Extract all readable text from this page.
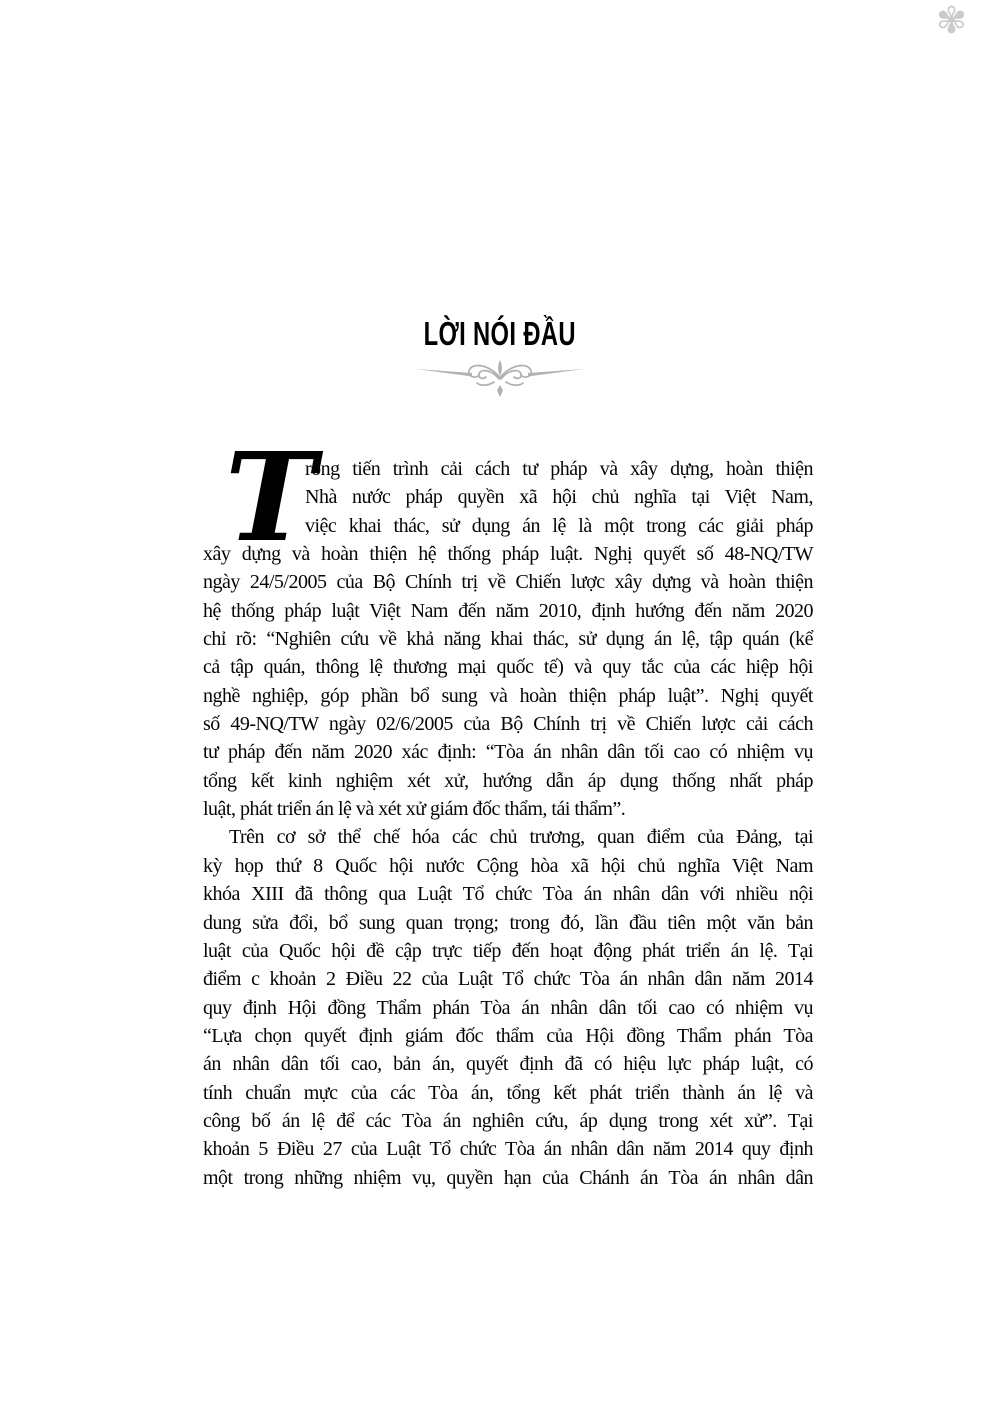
✾
LỜI NÓI ĐẦU
T
rong tiến trình cải cách tư pháp và xây dựng, hoàn thiện
Nhà nước pháp quyền xã hội chủ nghĩa tại Việt Nam,
việc khai thác, sử dụng án lệ là một trong các giải pháp
xây dựng và hoàn thiện hệ thống pháp luật. Nghị quyết số 48-NQ/TW
ngày 24/5/2005 của Bộ Chính trị về Chiến lược xây dựng và hoàn thiện
hệ thống pháp luật Việt Nam đến năm 2010, định hướng đến năm 2020
chỉ rõ: “Nghiên cứu về khả năng khai thác, sử dụng án lệ, tập quán (kể
cả tập quán, thông lệ thương mại quốc tế) và quy tắc của các hiệp hội
nghề nghiệp, góp phần bổ sung và hoàn thiện pháp luật”. Nghị quyết
số 49-NQ/TW ngày 02/6/2005 của Bộ Chính trị về Chiến lược cải cách
tư pháp đến năm 2020 xác định: “Tòa án nhân dân tối cao có nhiệm vụ
tổng kết kinh nghiệm xét xử, hướng dẫn áp dụng thống nhất pháp
luật, phát triển án lệ và xét xử giám đốc thẩm, tái thẩm”.
Trên cơ sở thể chế hóa các chủ trương, quan điểm của Đảng, tại
kỳ họp thứ 8 Quốc hội nước Cộng hòa xã hội chủ nghĩa Việt Nam
khóa XIII đã thông qua Luật Tổ chức Tòa án nhân dân với nhiều nội
dung sửa đổi, bổ sung quan trọng; trong đó, lần đầu tiên một văn bản
luật của Quốc hội đề cập trực tiếp đến hoạt động phát triển án lệ. Tại
điểm c khoản 2 Điều 22 của Luật Tổ chức Tòa án nhân dân năm 2014
quy định Hội đồng Thẩm phán Tòa án nhân dân tối cao có nhiệm vụ
“Lựa chọn quyết định giám đốc thẩm của Hội đồng Thẩm phán Tòa
án nhân dân tối cao, bản án, quyết định đã có hiệu lực pháp luật, có
tính chuẩn mực của các Tòa án, tổng kết phát triển thành án lệ và
công bố án lệ để các Tòa án nghiên cứu, áp dụng trong xét xử”. Tại
khoản 5 Điều 27 của Luật Tổ chức Tòa án nhân dân năm 2014 quy định
một trong những nhiệm vụ, quyền hạn của Chánh án Tòa án nhân dân
